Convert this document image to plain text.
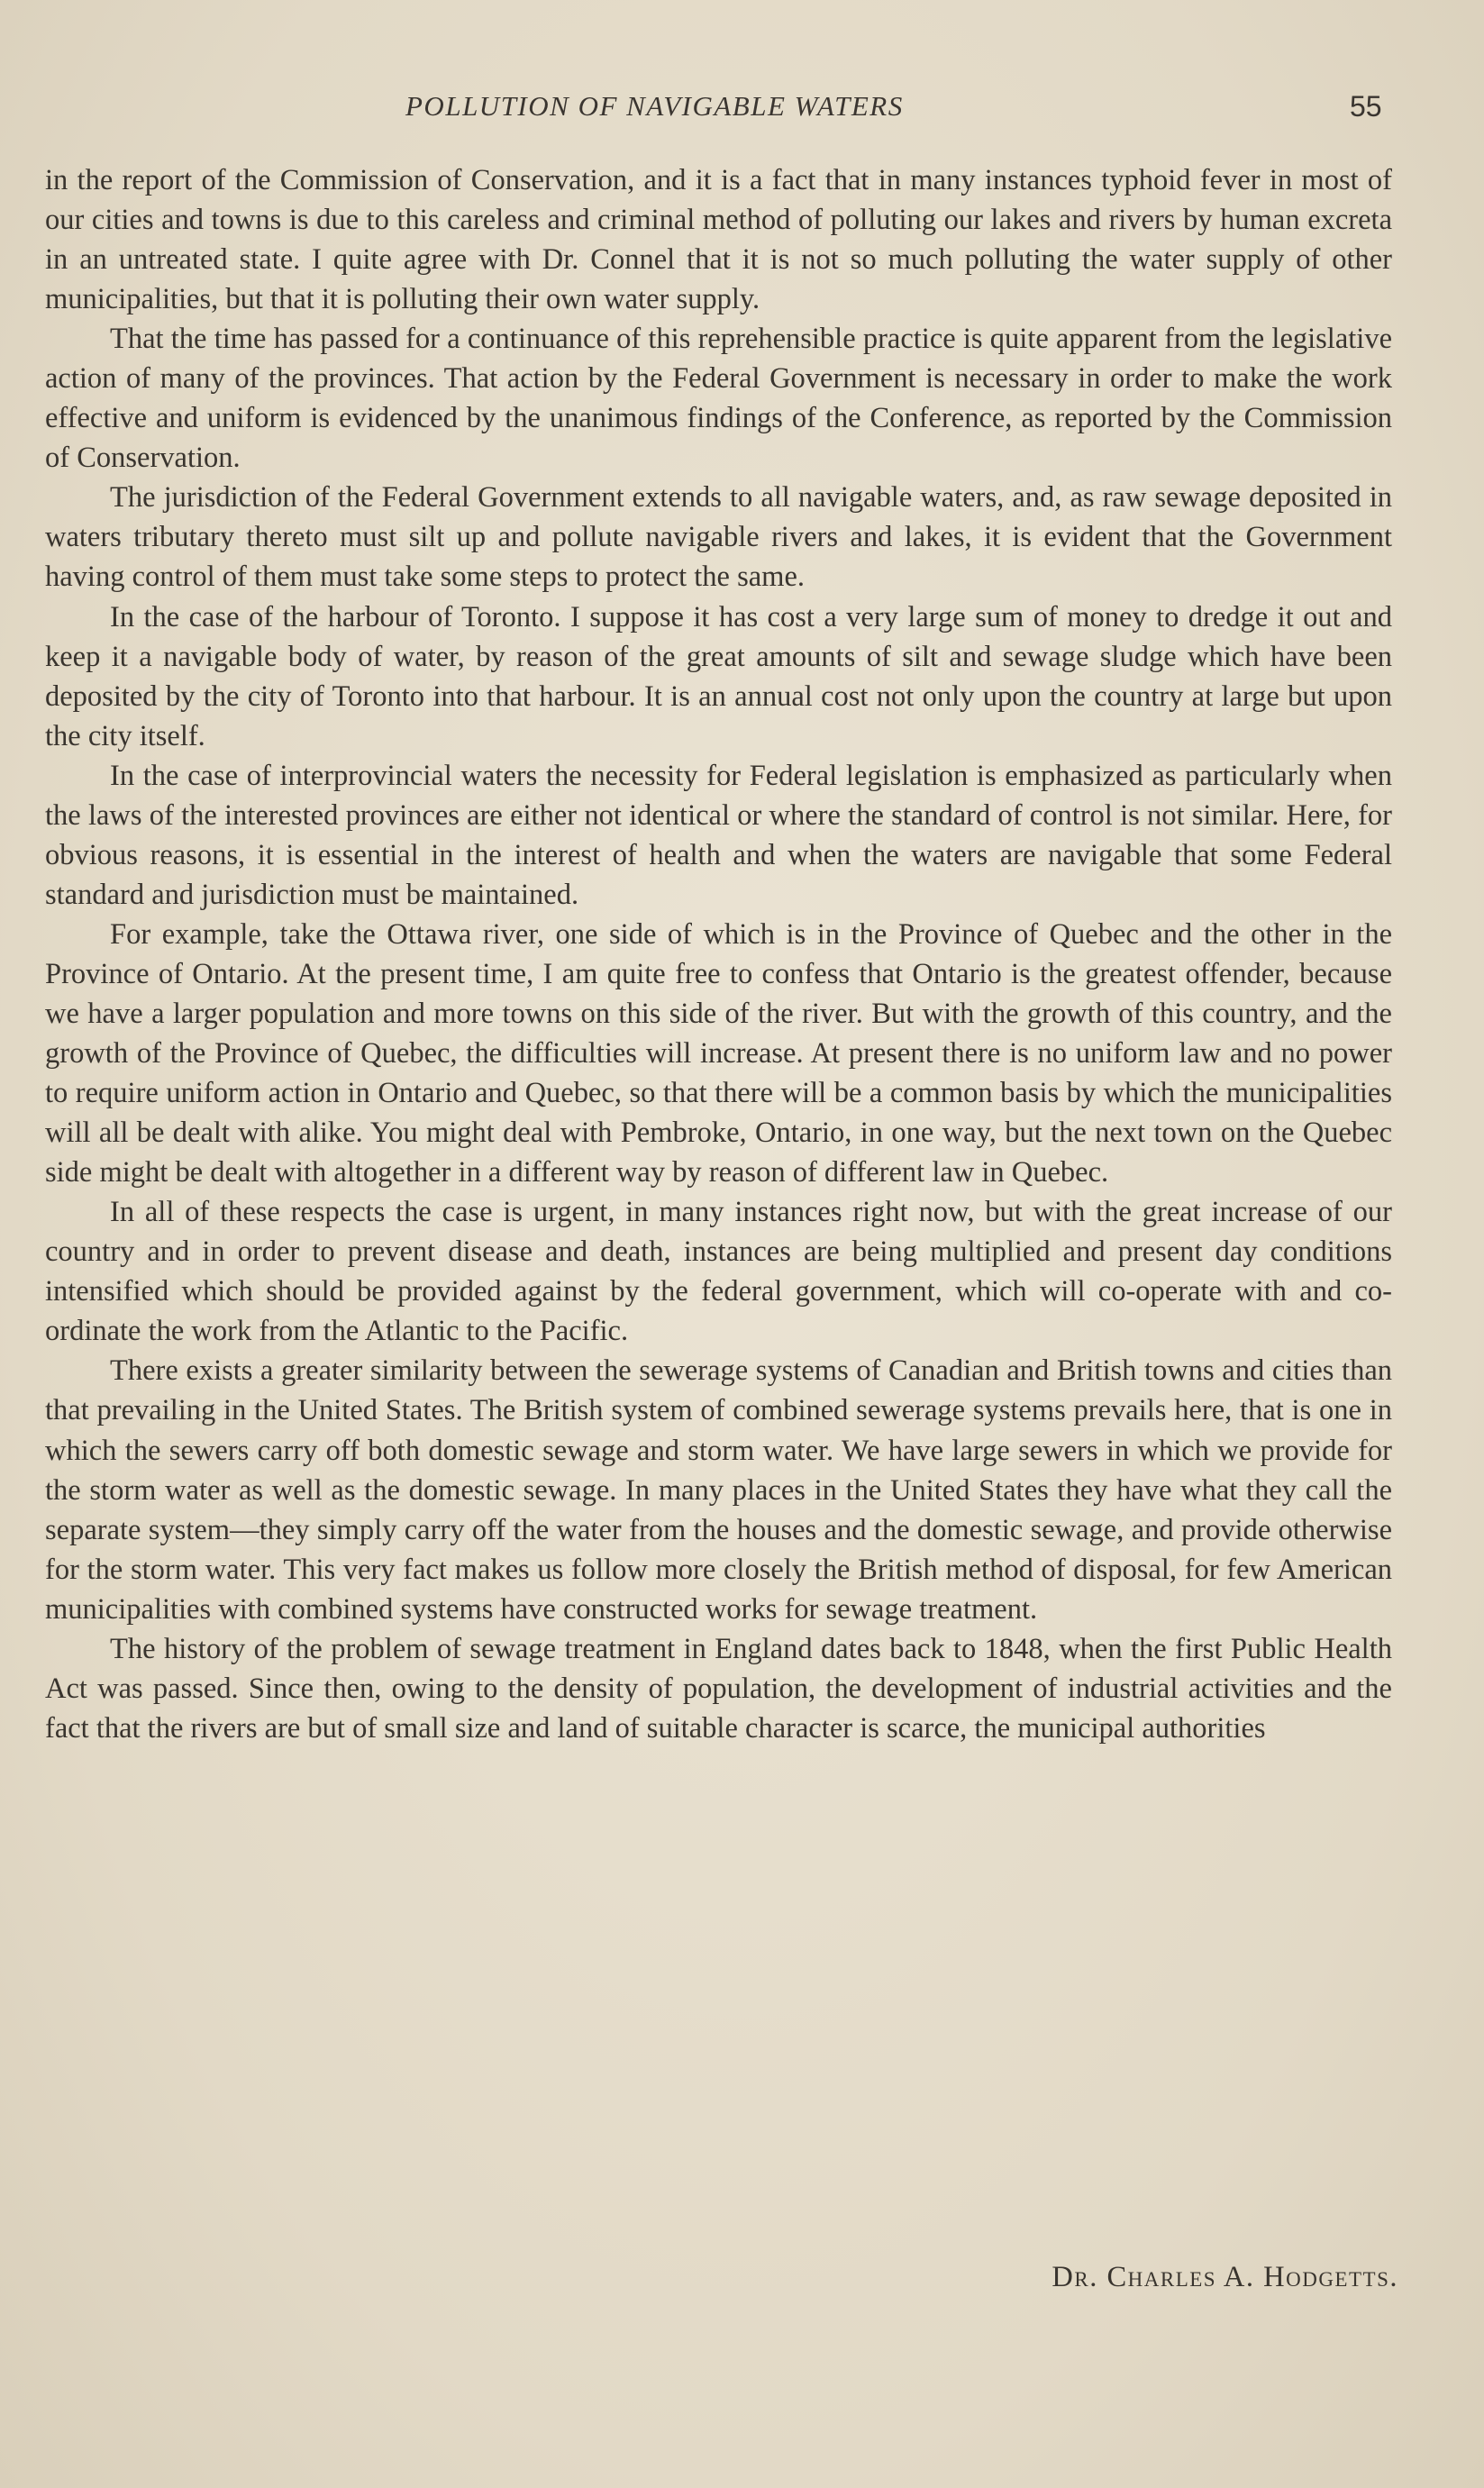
POLLUTION OF NAVIGABLE WATERS	55

in the report of the Commission of Conservation, and it is a fact that in many instances typhoid fever in most of our cities and towns is due to this careless and criminal method of polluting our lakes and rivers by human excreta in an untreated state. I quite agree with Dr. Connel that it is not so much polluting the water supply of other municipalities, but that it is polluting their own water supply.

That the time has passed for a continuance of this reprehensible practice is quite apparent from the legislative action of many of the provinces. That action by the Federal Government is necessary in order to make the work effective and uniform is evidenced by the unanimous findings of the Conference, as reported by the Commission of Conservation.

The jurisdiction of the Federal Government extends to all navigable waters, and, as raw sewage deposited in waters tributary thereto must silt up and pollute navigable rivers and lakes, it is evident that the Government having control of them must take some steps to protect the same.

In the case of the harbour of Toronto. I suppose it has cost a very large sum of money to dredge it out and keep it a navigable body of water, by reason of the great amounts of silt and sewage sludge which have been deposited by the city of Toronto into that harbour. It is an annual cost not only upon the country at large but upon the city itself.

In the case of interprovincial waters the necessity for Federal legislation is emphasized as particularly when the laws of the interested provinces are either not identical or where the standard of control is not similar. Here, for obvious reasons, it is essential in the interest of health and when the waters are navigable that some Federal standard and jurisdiction must be maintained.

For example, take the Ottawa river, one side of which is in the Province of Quebec and the other in the Province of Ontario. At the present time, I am quite free to confess that Ontario is the greatest offender, because we have a larger population and more towns on this side of the river. But with the growth of this country, and the growth of the Province of Quebec, the difficulties will increase. At present there is no uniform law and no power to require uniform action in Ontario and Quebec, so that there will be a common basis by which the municipalities will all be dealt with alike. You might deal with Pembroke, Ontario, in one way, but the next town on the Quebec side might be dealt with altogether in a different way by reason of different law in Quebec.

In all of these respects the case is urgent, in many instances right now, but with the great increase of our country and in order to prevent disease and death, instances are being multiplied and present day conditions intensified which should be provided against by the federal government, which will co-operate with and co-ordinate the work from the Atlantic to the Pacific.

There exists a greater similarity between the sewerage systems of Canadian and British towns and cities than that prevailing in the United States. The British system of combined sewerage systems prevails here, that is one in which the sewers carry off both domestic sewage and storm water. We have large sewers in which we provide for the storm water as well as the domestic sewage. In many places in the United States they have what they call the separate system—they simply carry off the water from the houses and the domestic sewage, and provide otherwise for the storm water. This very fact makes us follow more closely the British method of disposal, for few American municipalities with combined systems have constructed works for sewage treatment.

The history of the problem of sewage treatment in England dates back to 1848, when the first Public Health Act was passed. Since then, owing to the density of population, the development of industrial activities and the fact that the rivers are but of small size and land of suitable character is scarce, the municipal authorities

Dr. Charles A. Hodgetts.
